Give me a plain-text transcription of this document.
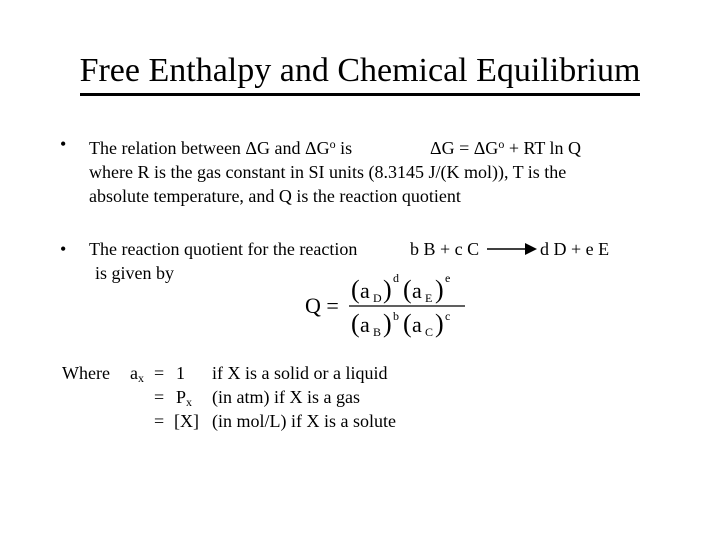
Free Enthalpy and Chemical Equilibrium
• The relation between ΔG and $\Delta G^o$ is
where R is the gas constant in SI units (8.3145 J/(K mol)), T is the
absolute temperature, and Q is the reaction quotient
$\Delta G = \Delta G^o$ + RT ln Q
• The reaction quotient for the reaction
is given by
b B + c C → d D + e E
Q =
( a D ) d ( a E ) e
( a B ) b ( a C ) c
Where $a_x = 1$ if X is a solid or a liquid
= $P_x$ (in atm) if X is a gas
= [X] (in mol/L) if X is a solute
